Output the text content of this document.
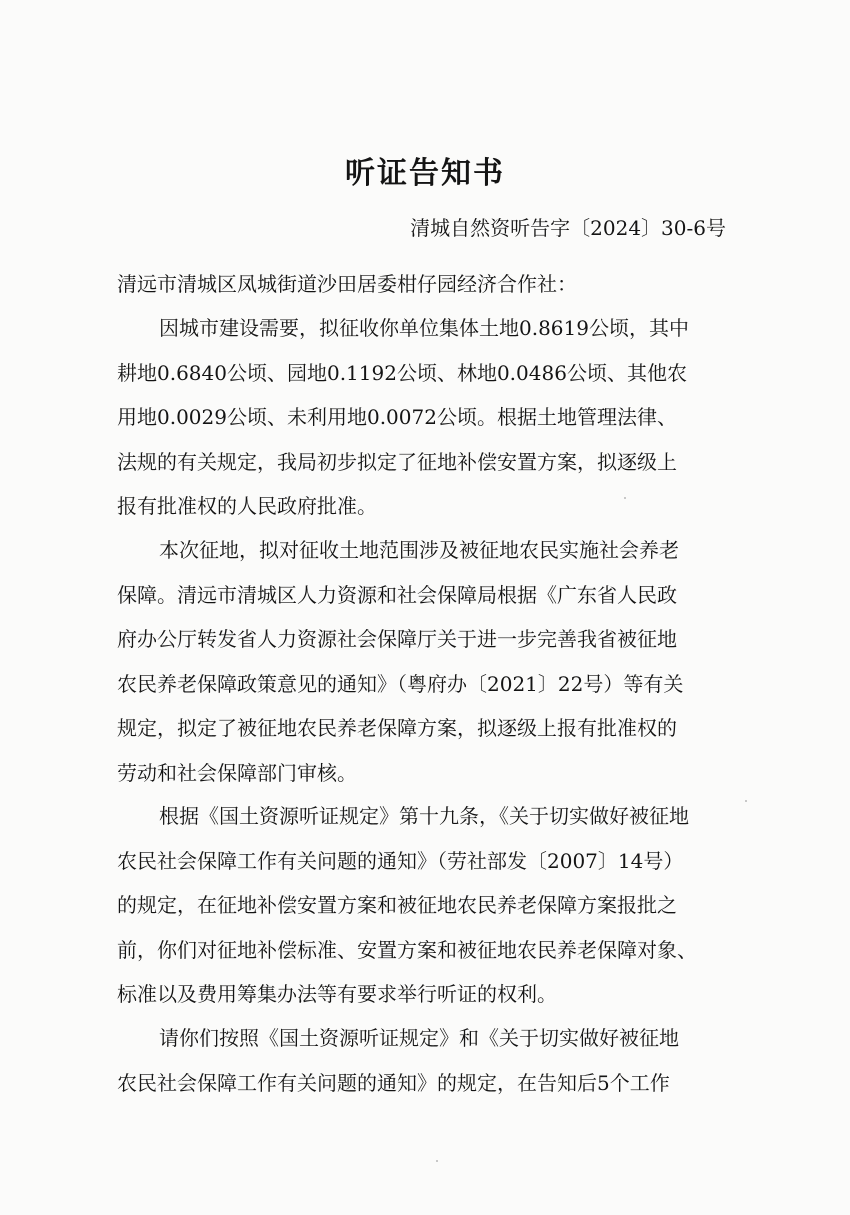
听证告知书
清城自然资听告字〔2024〕30-6号
清远市清城区凤城街道沙田居委柑仔园经济合作社：
因城市建设需要，拟征收你单位集体土地0.8619公顷，其中
耕地0.6840公顷、园地0.1192公顷、林地0.0486公顷、其他农
用地0.0029公顷、未利用地0.0072公顷。根据土地管理法律、
法规的有关规定，我局初步拟定了征地补偿安置方案，拟逐级上
报有批准权的人民政府批准。
本次征地，拟对征收土地范围涉及被征地农民实施社会养老
保障。清远市清城区人力资源和社会保障局根据《广东省人民政
府办公厅转发省人力资源社会保障厅关于进一步完善我省被征地
农民养老保障政策意见的通知》（粤府办〔2021〕22号）等有关
规定，拟定了被征地农民养老保障方案，拟逐级上报有批准权的
劳动和社会保障部门审核。
根据《国土资源听证规定》第十九条，《关于切实做好被征地
农民社会保障工作有关问题的通知》（劳社部发〔2007〕14号）
的规定，在征地补偿安置方案和被征地农民养老保障方案报批之
前，你们对征地补偿标准、安置方案和被征地农民养老保障对象、
标准以及费用筹集办法等有要求举行听证的权利。
请你们按照《国土资源听证规定》和《关于切实做好被征地
农民社会保障工作有关问题的通知》的规定，在告知后5个工作
